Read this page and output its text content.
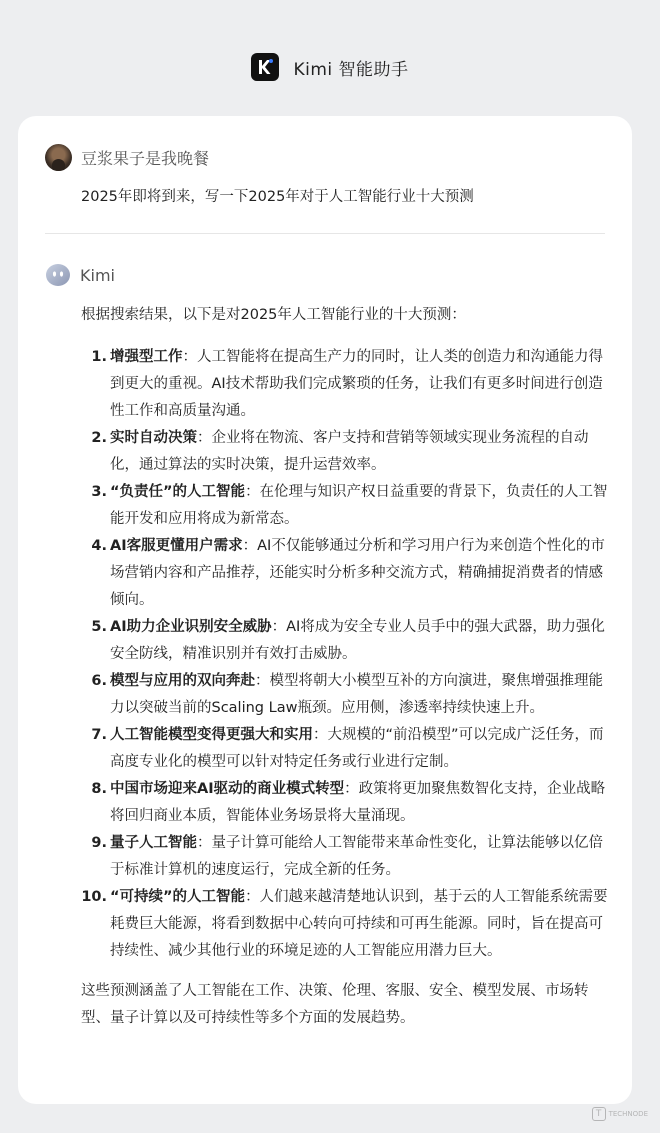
Kimi 智能助手
豆浆果子是我晚餐
2025年即将到来，写一下2025年对于人工智能行业十大预测
Kimi

根据搜索结果，以下是对2025年人工智能行业的十大预测：

1. 增强型工作：人工智能将在提高生产力的同时，让人类的创造力和沟通能力得到更大的重视。AI技术帮助我们完成繁琐的任务，让我们有更多时间进行创造性工作和高质量沟通。
2. 实时自动决策：企业将在物流、客户支持和营销等领域实现业务流程的自动化，通过算法的实时决策，提升运营效率。
3. “负责任”的人工智能：在伦理与知识产权日益重要的背景下，负责任的人工智能开发和应用将成为新常态。
4. AI客服更懂用户需求：AI不仅能够通过分析和学习用户行为来创造个性化的市场营销内容和产品推荐，还能实时分析多种交流方式，精确捕捉消费者的情感倾向。
5. AI助力企业识别安全威胁：AI将成为安全专业人员手中的强大武器，助力强化安全防线，精准识别并有效打击威胁。
6. 模型与应用的双向奔赴：模型将朝大小模型互补的方向演进，聚焦增强推理能力以突破当前的Scaling Law瓶颈。应用侧，渗透率持续快速上升。
7. 人工智能模型变得更强大和实用：大规模的“前沿模型”可以完成广泛任务，而高度专业化的模型可以针对特定任务或行业进行定制。
8. 中国市场迎来AI驱动的商业模式转型：政策将更加聚焦数智化支持，企业战略将回归商业本质，智能体业务场景将大量涌现。
9. 量子人工智能：量子计算可能给人工智能带来革命性变化，让算法能够以亿倍于标准计算机的速度运行，完成全新的任务。
10. “可持续”的人工智能：人们越来越清楚地认识到，基于云的人工智能系统需要耗费巨大能源，将看到数据中心转向可持续和可再生能源。同时，旨在提高可持续性、减少其他行业的环境足迹的人工智能应用潜力巨大。

这些预测涵盖了人工智能在工作、决策、伦理、客服、安全、模型发展、市场转型、量子计算以及可持续性等多个方面的发展趋势。

T	TECHNODE
